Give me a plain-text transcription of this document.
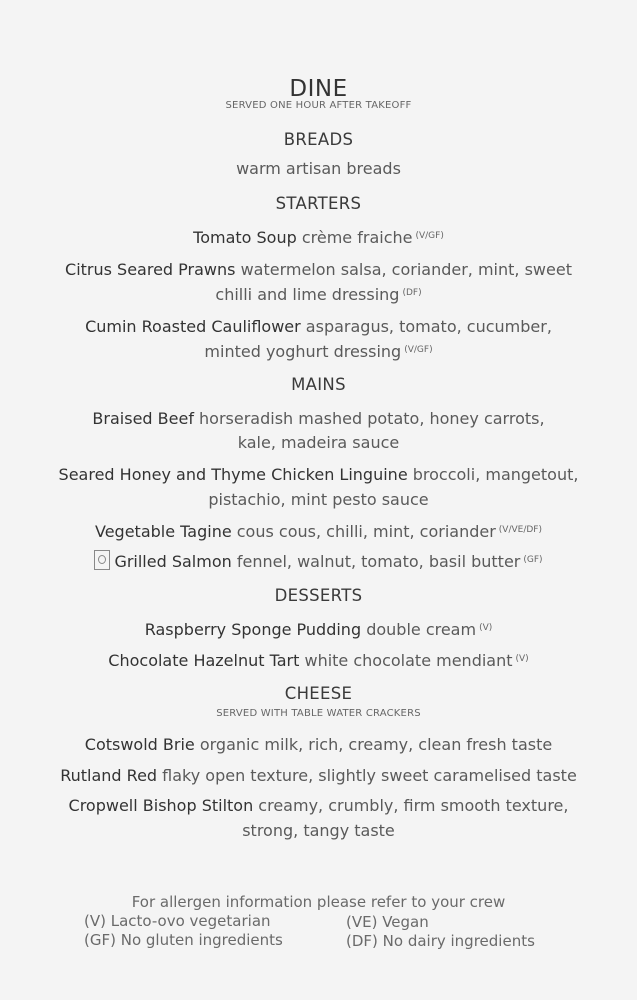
DINE
SERVED ONE HOUR AFTER TAKEOFF
BREADS
warm artisan breads
STARTERS
Tomato Soup crème fraiche $^{(V/GF)}$
Citrus Seared Prawns watermelon salsa, coriander, mint, sweet
chilli and lime dressing $^{(DF)}$
Cumin Roasted Cauliflower asparagus, tomato, cucumber,
minted yoghurt dressing $^{(V/GF)}$
MAINS
Braised Beef horseradish mashed potato, honey carrots,
kale, madeira sauce
Seared Honey and Thyme Chicken Linguine broccoli, mangetout,
pistachio, mint pesto sauce
Vegetable Tagine cous cous, chilli, mint, coriander $^{(V/VE/DF)}$
Grilled Salmon fennel, walnut, tomato, basil butter $^{(GF)}$
DESSERTS
Raspberry Sponge Pudding double cream $^{(V)}$
Chocolate Hazelnut Tart white chocolate mendiant $^{(V)}$
CHEESE
SERVED WITH TABLE WATER CRACKERS
Cotswold Brie organic milk, rich, creamy, clean fresh taste
Rutland Red flaky open texture, slightly sweet caramelised taste
Cropwell Bishop Stilton creamy, crumbly, firm smooth texture,
strong, tangy taste
For allergen information please refer to your crew
(V) Lacto-ovo vegetarian	(VE) Vegan
(GF) No gluten ingredients	(DF) No dairy ingredients
